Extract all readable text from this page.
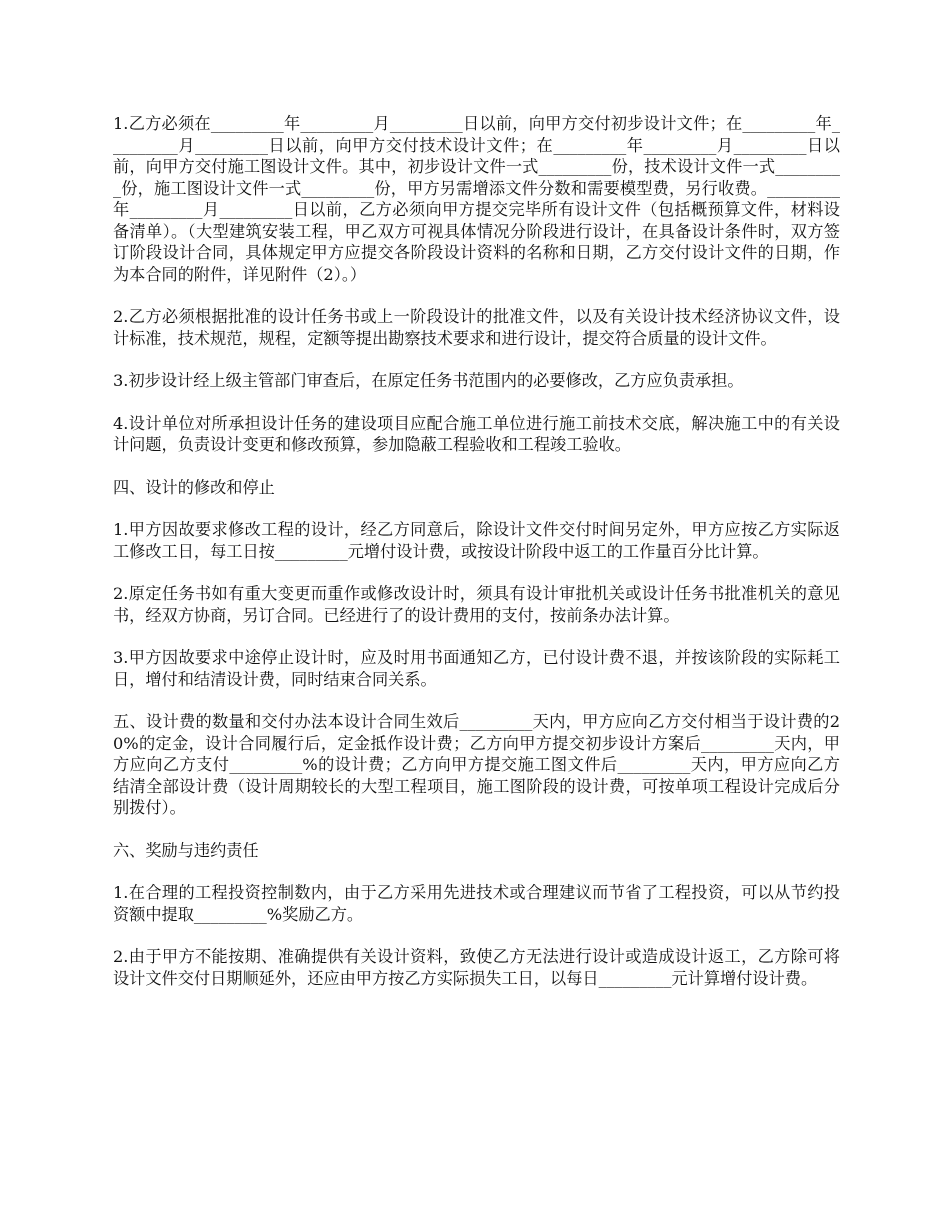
1.乙方必须在_________年_________月_________日以前，向甲方交付初步设计文件；在_________年_________月_________日以前，向甲方交付技术设计文件；在_________年_________月_________日以前，向甲方交付施工图设计文件。其中，初步设计文件一式_________份，技术设计文件一式_________份，施工图设计文件一式_________份，甲方另需增添文件分数和需要模型费，另行收费。_________年_________月_________日以前，乙方必须向甲方提交完毕所有设计文件（包括概预算文件，材料设备清单）。（大型建筑安装工程，甲乙双方可视具体情况分阶段进行设计，在具备设计条件时，双方签订阶段设计合同，具体规定甲方应提交各阶段设计资料的名称和日期，乙方交付设计文件的日期，作为本合同的附件，详见附件（2）。）

2.乙方必须根据批准的设计任务书或上一阶段设计的批准文件，以及有关设计技术经济协议文件，设计标准，技术规范，规程，定额等提出勘察技术要求和进行设计，提交符合质量的设计文件。

3.初步设计经上级主管部门审查后，在原定任务书范围内的必要修改，乙方应负责承担。

4.设计单位对所承担设计任务的建设项目应配合施工单位进行施工前技术交底，解决施工中的有关设计问题，负责设计变更和修改预算，参加隐蔽工程验收和工程竣工验收。

四、设计的修改和停止

1.甲方因故要求修改工程的设计，经乙方同意后，除设计文件交付时间另定外，甲方应按乙方实际返工修改工日，每工日按_________元增付设计费，或按设计阶段中返工的工作量百分比计算。

2.原定任务书如有重大变更而重作或修改设计时，须具有设计审批机关或设计任务书批准机关的意见书，经双方协商，另订合同。已经进行了的设计费用的支付，按前条办法计算。

3.甲方因故要求中途停止设计时，应及时用书面通知乙方，已付设计费不退，并按该阶段的实际耗工日，增付和结清设计费，同时结束合同关系。

五、设计费的数量和交付办法本设计合同生效后_________天内，甲方应向乙方交付相当于设计费的20%的定金，设计合同履行后，定金抵作设计费；乙方向甲方提交初步设计方案后_________天内，甲方应向乙方支付_________%的设计费；乙方向甲方提交施工图文件后_________天内，甲方应向乙方结清全部设计费（设计周期较长的大型工程项目，施工图阶段的设计费，可按单项工程设计完成后分别拨付）。

六、奖励与违约责任

1.在合理的工程投资控制数内，由于乙方采用先进技术或合理建议而节省了工程投资，可以从节约投资额中提取_________%奖励乙方。

2.由于甲方不能按期、准确提供有关设计资料，致使乙方无法进行设计或造成设计返工，乙方除可将设计文件交付日期顺延外，还应由甲方按乙方实际损失工日，以每日_________元计算增付设计费。
